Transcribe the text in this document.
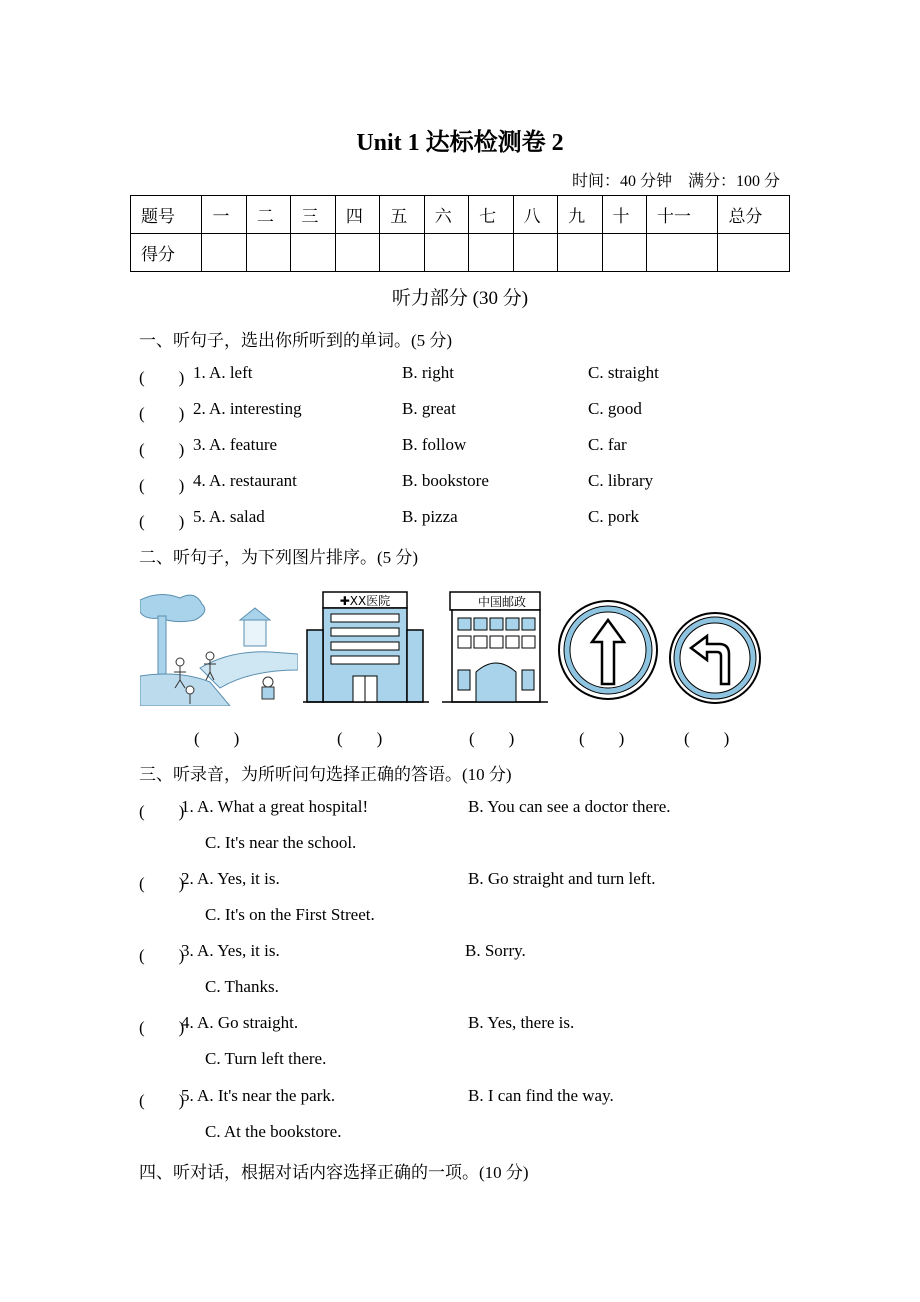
Unit 1 达标检测卷 2
时间：40 分钟　满分：100 分
题号	一	二	三	四	五	六	七	八	九	十	十一	总分
得分												
听力部分 (30 分)
一、听句子，选出你所听到的单词。(5 分)
(　　) 1. A. left	B. right	C. straight
(　　) 2. A. interesting	B. great	C. good
(　　) 3. A. feature	B. follow	C. far
(　　) 4. A. restaurant	B. bookstore	C. library
(　　) 5. A. salad	B. pizza	C. pork
二、听句子，为下列图片排序。(5 分)
✚XX医院	中国邮政
(　　)	(　　)	(　　)	(　　)	(　　)
三、听录音，为所听问句选择正确的答语。(10 分)
(　　)
1. A. What a great hospital!	B. You can see a doctor there.
C. It's near the school.
(　　)
2. A. Yes, it is.	B. Go straight and turn left.
C. It's on the First Street.
(　　)
3. A. Yes, it is.	B. Sorry.
C. Thanks.
(　　)
4. A. Go straight.	B. Yes, there is.
C. Turn left there.
(　　)
5. A. It's near the park.	B. I can find the way.
C. At the bookstore.
四、听对话，根据对话内容选择正确的一项。(10 分)
